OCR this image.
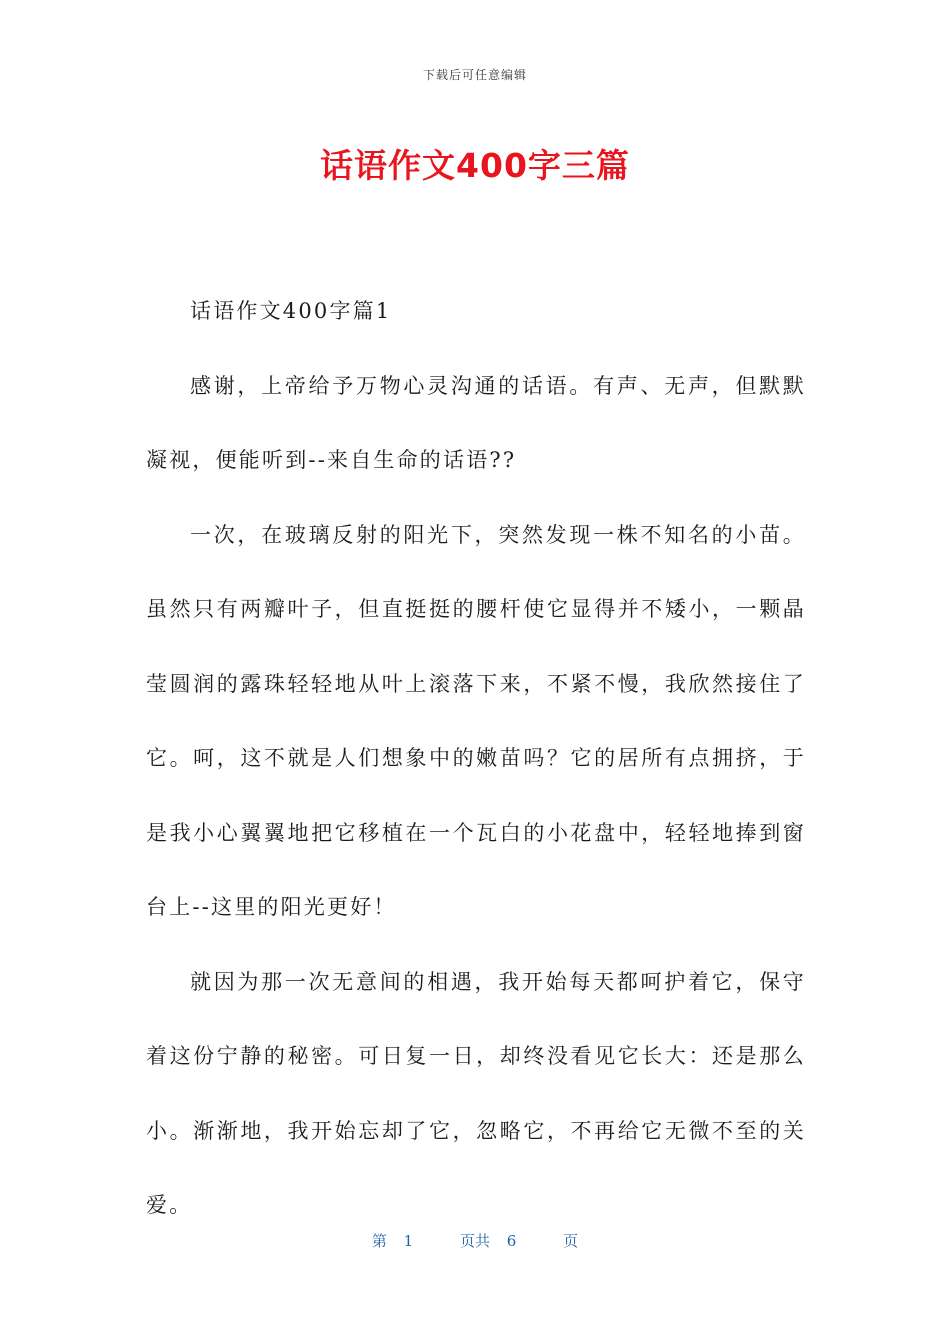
下载后可任意编辑
话语作文400字三篇

话语作文400字篇1

感谢，上帝给予万物心灵沟通的话语。有声、无声，但默默凝视，便能听到--来自生命的话语??

一次，在玻璃反射的阳光下，突然发现一株不知名的小苗。虽然只有两瓣叶子，但直挺挺的腰杆使它显得并不矮小，一颗晶莹圆润的露珠轻轻地从叶上滚落下来，不紧不慢，我欣然接住了它。呵，这不就是人们想象中的嫩苗吗？它的居所有点拥挤，于是我小心翼翼地把它移植在一个瓦白的小花盘中，轻轻地捧到窗台上--这里的阳光更好！

就因为那一次无意间的相遇，我开始每天都呵护着它，保守着这份宁静的秘密。可日复一日，却终没看见它长大：还是那么小。渐渐地，我开始忘却了它，忽略它，不再给它无微不至的关爱。

第 1	页共 6	页
